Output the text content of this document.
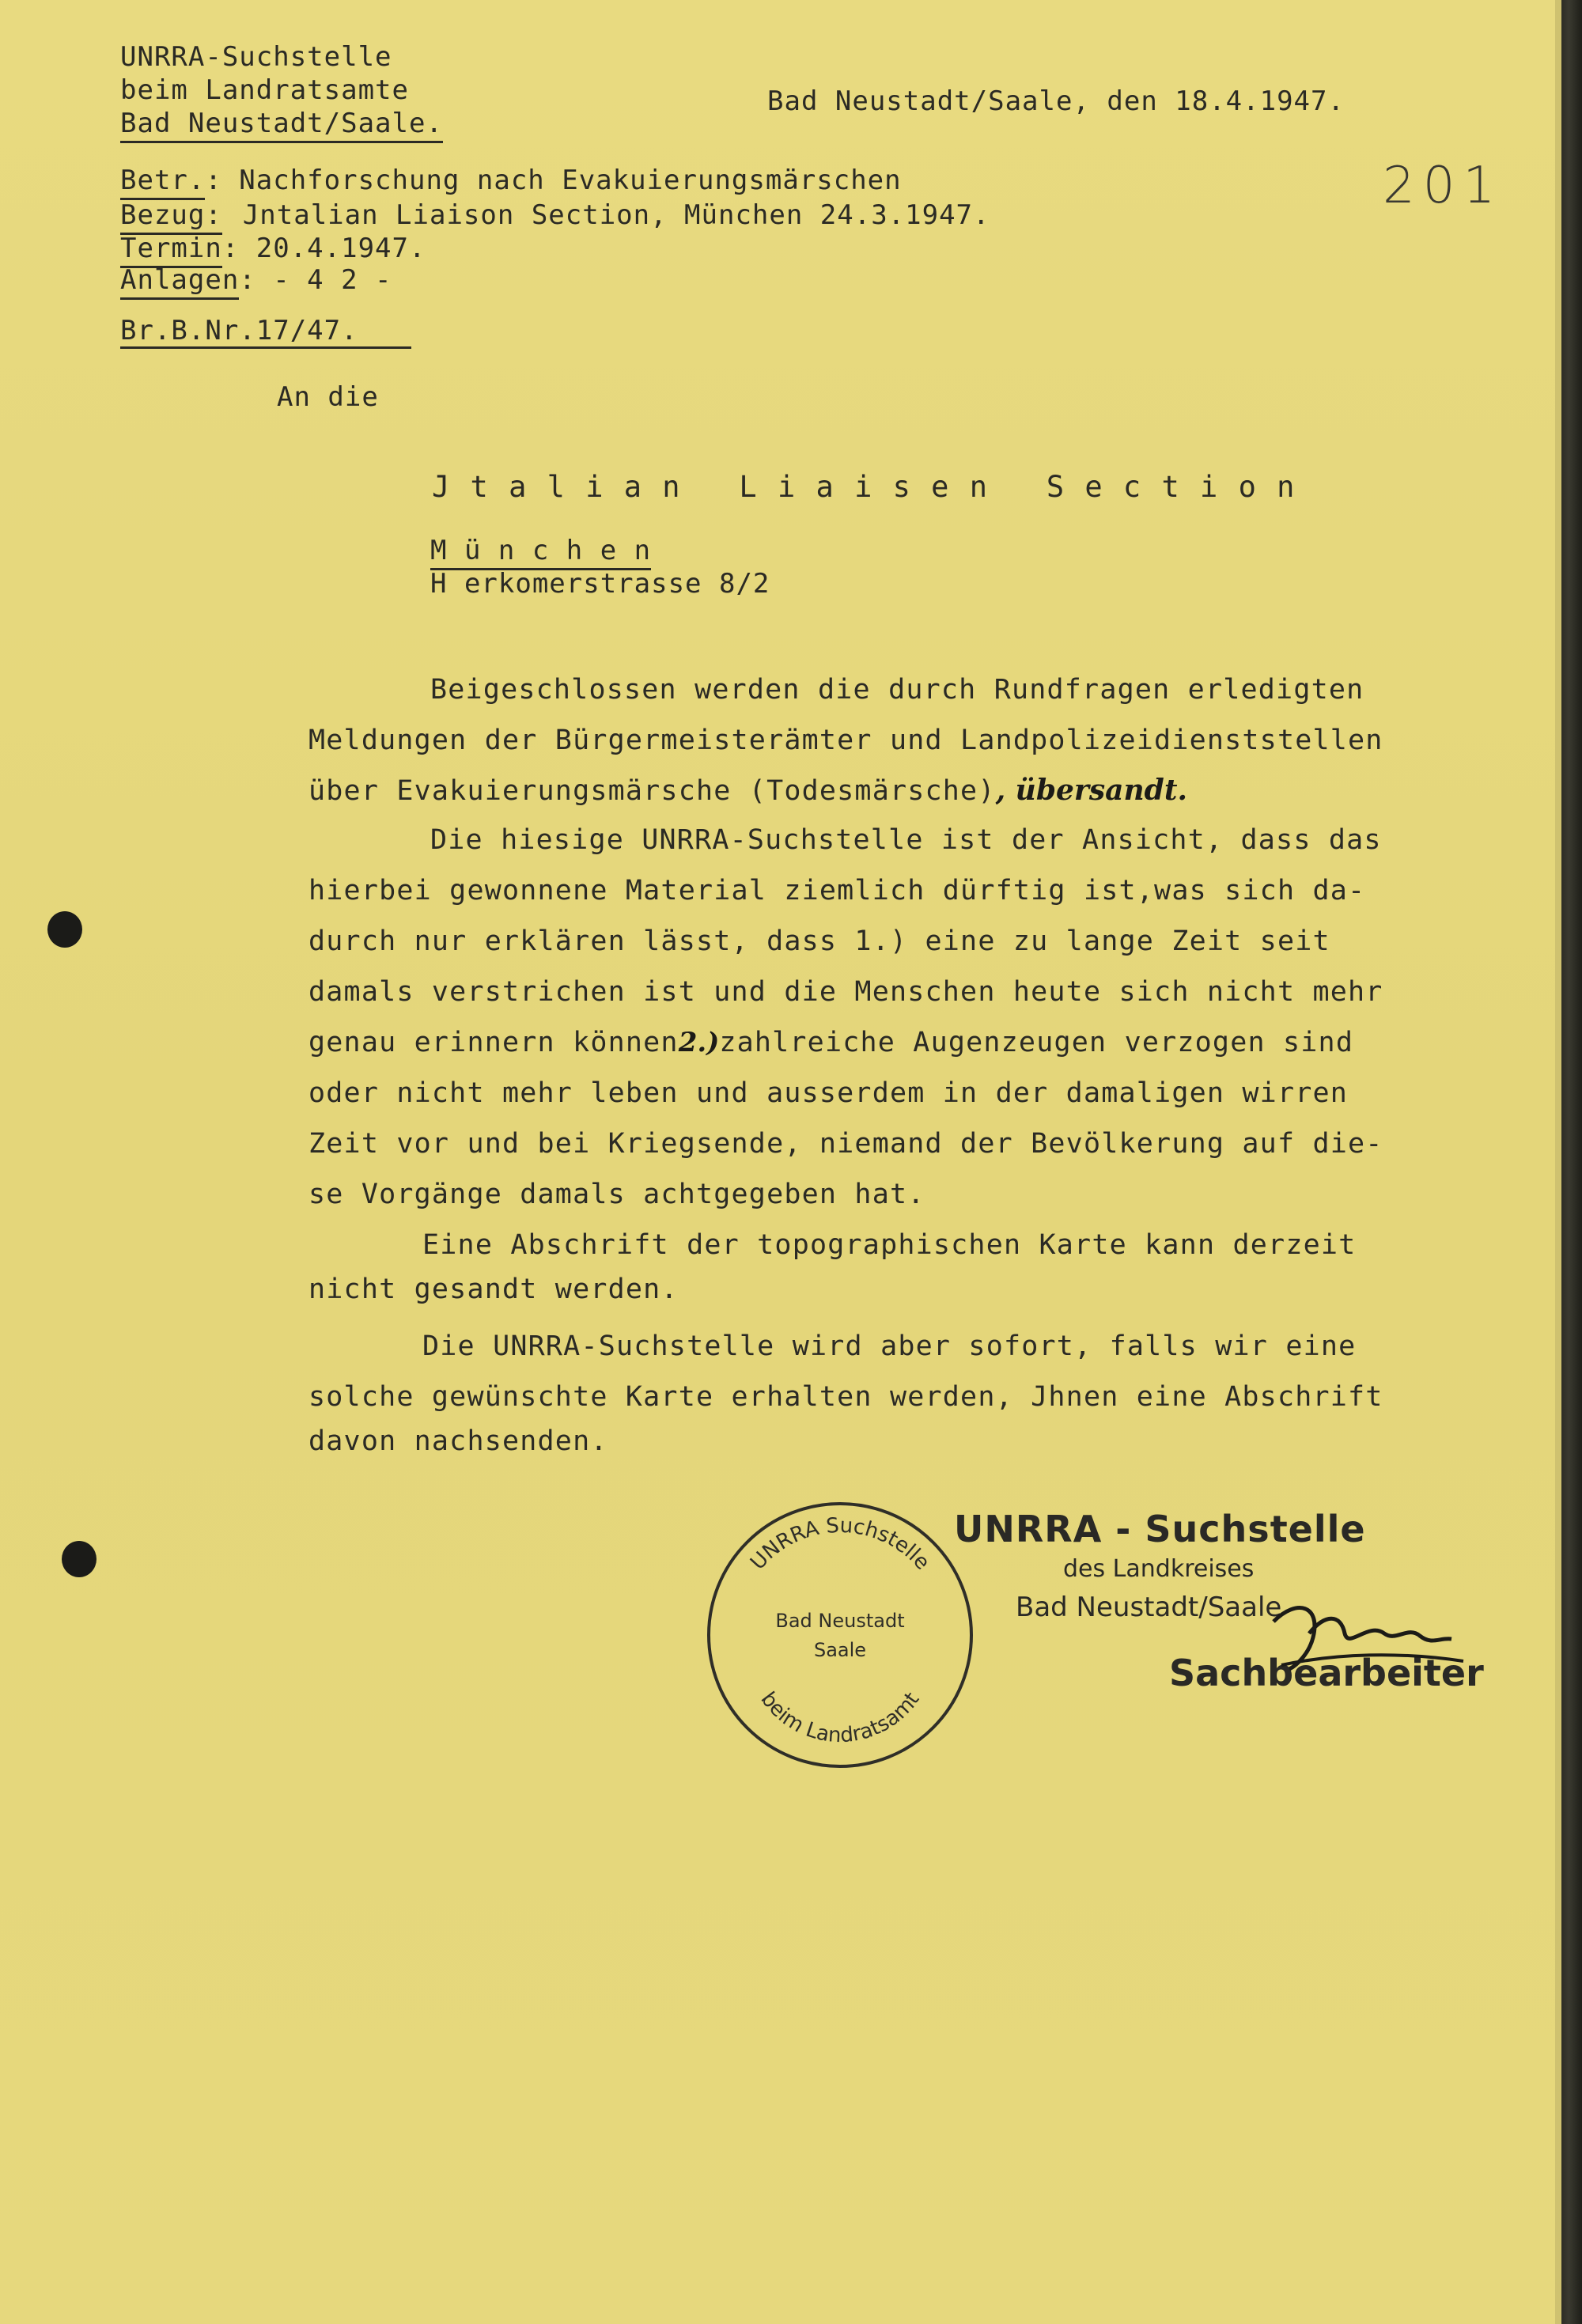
UNRRA-Suchstelle
beim Landratsamte
Bad Neustadt/Saale.
Bad Neustadt/Saale, den 18.4.1947.
201
Betr.: Nachforschung nach Evakuierungsmärschen
Bezug: Jntalian Liaison Section, München 24.3.1947.
Termin: 20.4.1947.
Anlagen: - 4 2 -
Br.B.Nr.17/47.
An die
J t a l i a n   L i a i s e n   S e c t i o n
M ü n c h e n
H erkomerstrasse 8/2
Beigeschlossen werden die durch Rundfragen erledigten
Meldungen der Bürgermeisterämter und Landpolizeidienststellen
über Evakuierungsmärsche (Todesmärsche), übersandt.
Die hiesige UNRRA-Suchstelle ist der Ansicht, dass das
hierbei gewonnene Material ziemlich dürftig ist,was sich da-
durch nur erklären lässt, dass 1.) eine zu lange Zeit seit
damals verstrichen ist und die Menschen heute sich nicht mehr
genau erinnern können2.)zahlreiche Augenzeugen verzogen sind
oder nicht mehr leben und ausserdem in der damaligen wirren
Zeit vor und bei Kriegsende, niemand der Bevölkerung auf die-
se Vorgänge damals achtgegeben hat.
Eine Abschrift der topographischen Karte kann derzeit
nicht gesandt werden.
Die UNRRA-Suchstelle wird aber sofort, falls wir eine
solche gewünschte Karte erhalten werden, Jhnen eine Abschrift
davon nachsenden.
UNRRA Suchstelle
beim Landratsamt
Bad Neustadt
Saale
UNRRA - Suchstelle
des Landkreises
Bad Neustadt/Saale
Sachbearbeiter
